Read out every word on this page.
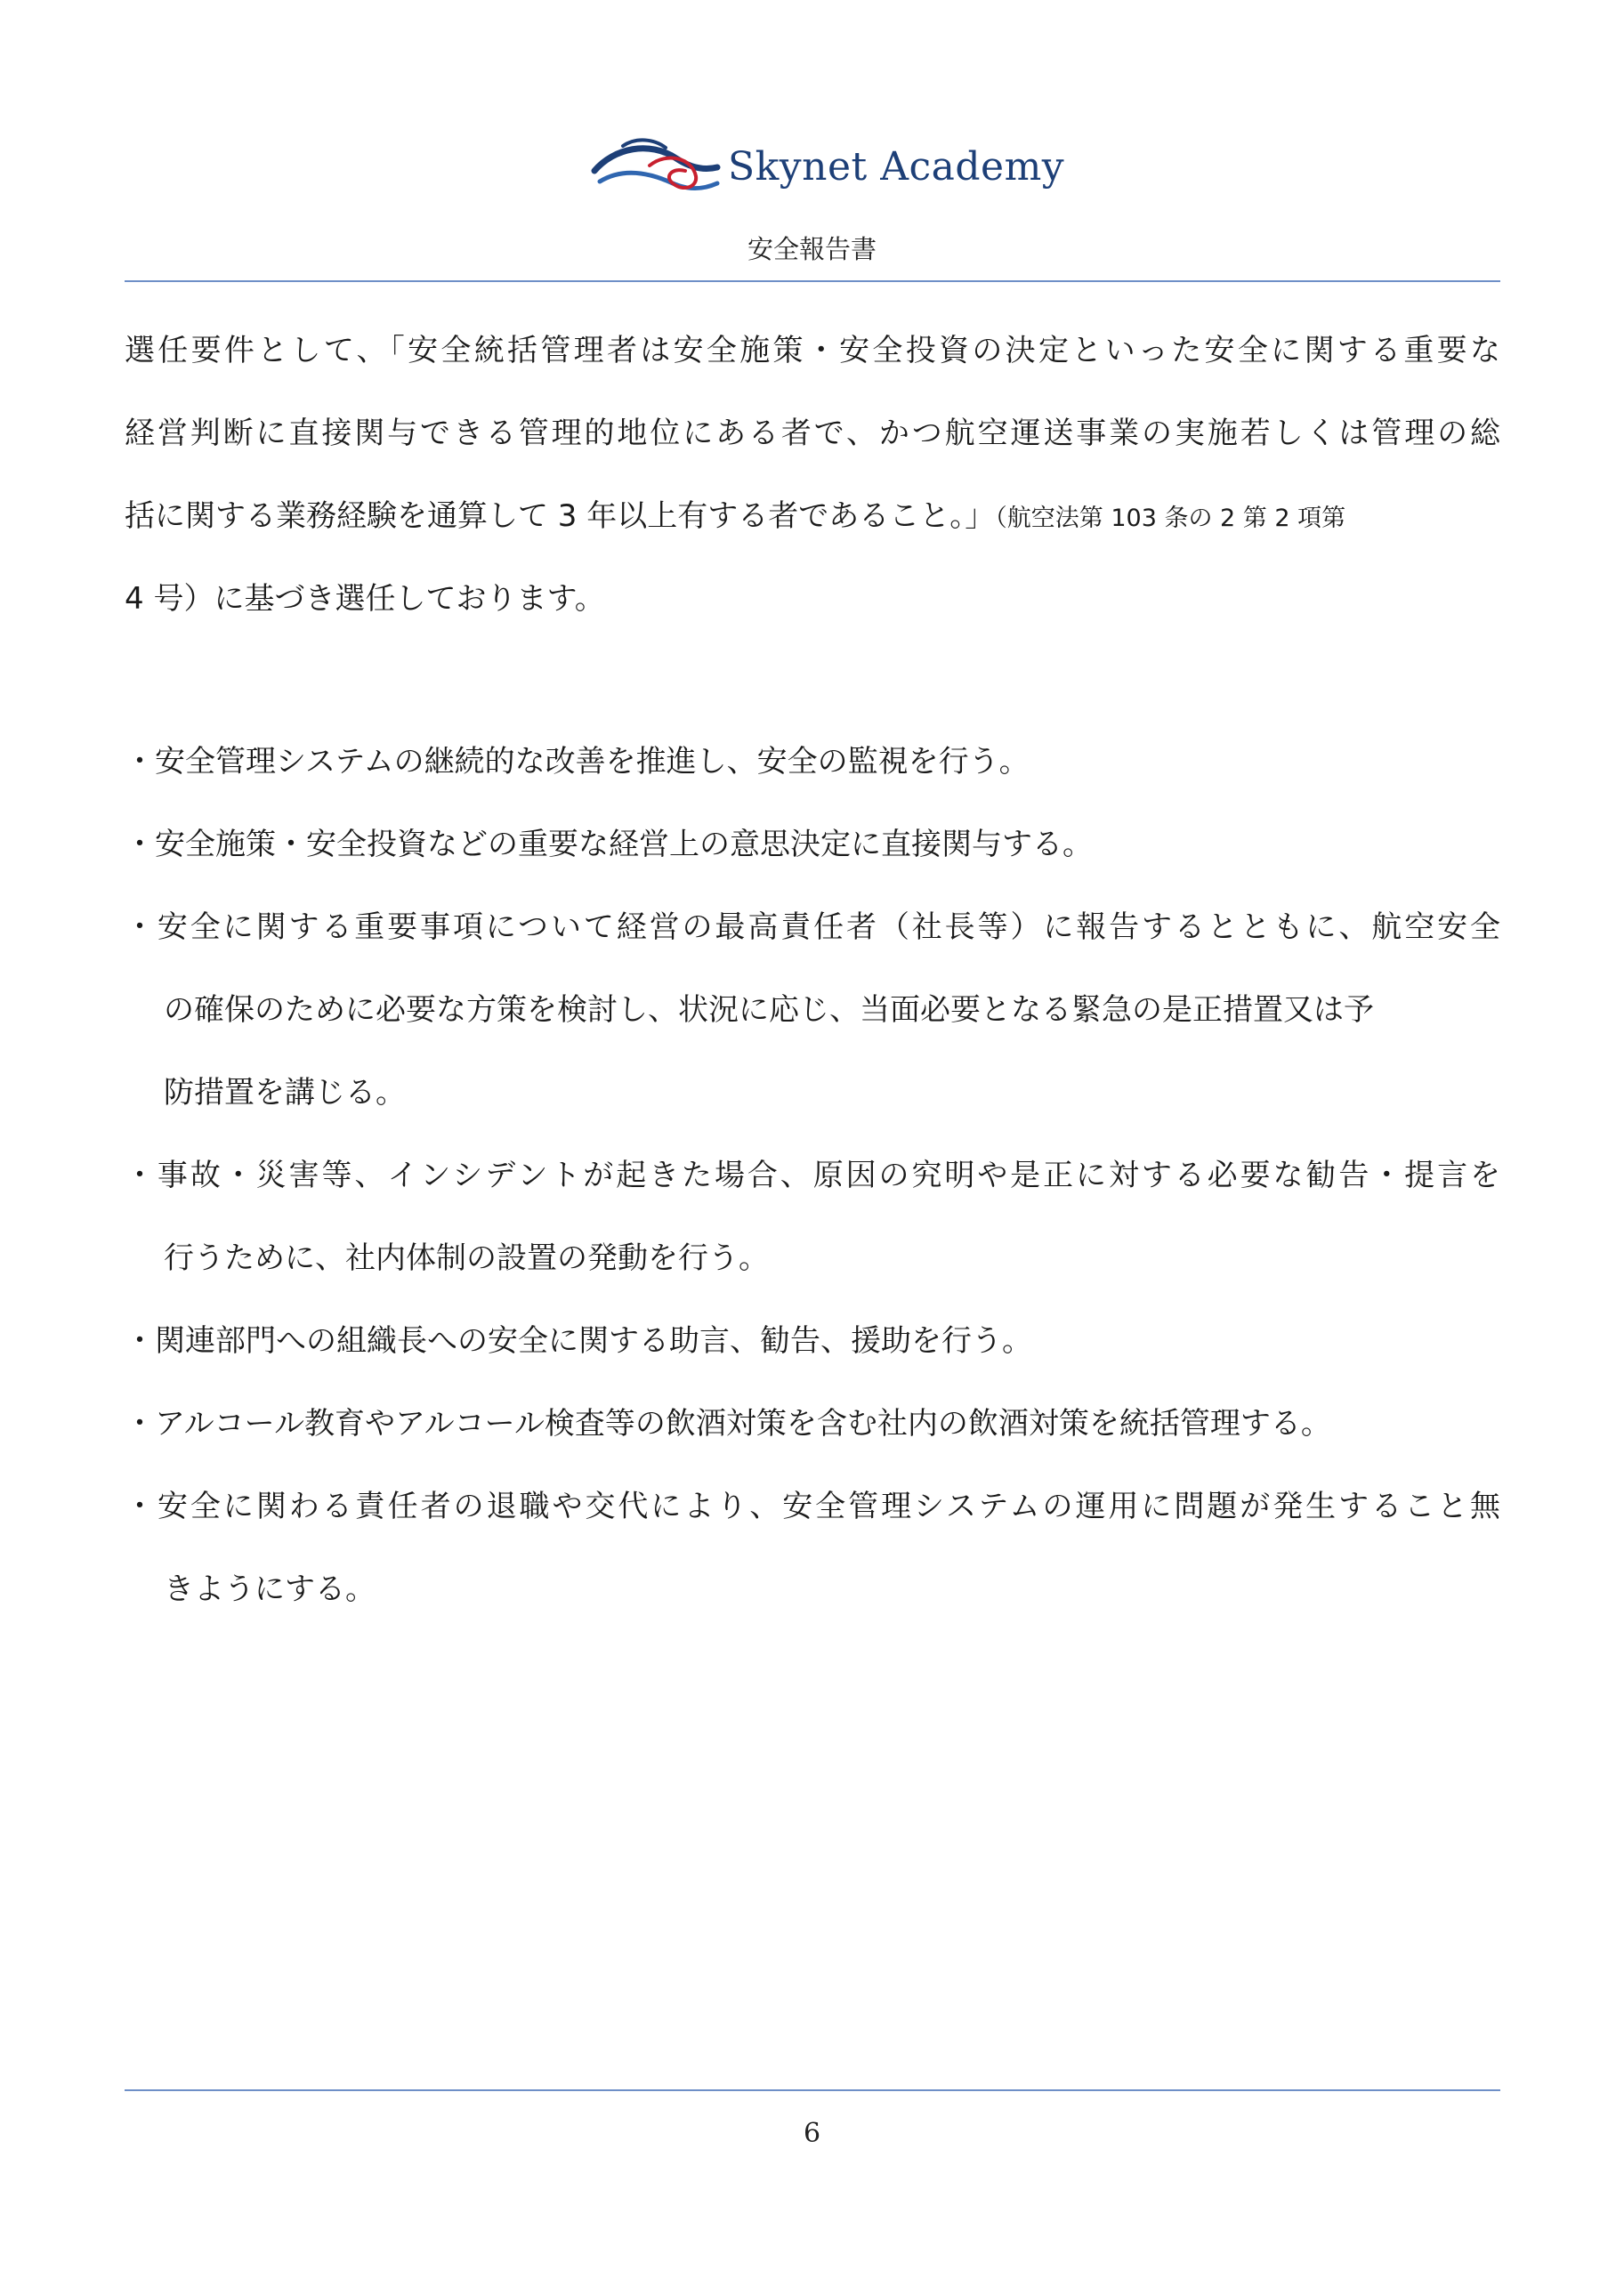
Skynet Academy
安全報告書
選任要件として、「安全統括管理者は安全施策・安全投資の決定といった安全に関する重要な
経営判断に直接関与できる管理的地位にある者で、かつ航空運送事業の実施若しくは管理の総
括に関する業務経験を通算して 3 年以上有する者であること。」（航空法第 103 条の 2 第 2 項第
4 号）に基づき選任しております。
・安全管理システムの継続的な改善を推進し、安全の監視を行う。
・安全施策・安全投資などの重要な経営上の意思決定に直接関与する。
・安全に関する重要事項について経営の最高責任者（社長等）に報告するとともに、航空安全
の確保のために必要な方策を検討し、状況に応じ、当面必要となる緊急の是正措置又は予
防措置を講じる。
・事故・災害等、インシデントが起きた場合、原因の究明や是正に対する必要な勧告・提言を
行うために、社内体制の設置の発動を行う。
・関連部門への組織長への安全に関する助言、勧告、援助を行う。
・アルコール教育やアルコール検査等の飲酒対策を含む社内の飲酒対策を統括管理する。
・安全に関わる責任者の退職や交代により、安全管理システムの運用に問題が発生すること無
きようにする。
6
